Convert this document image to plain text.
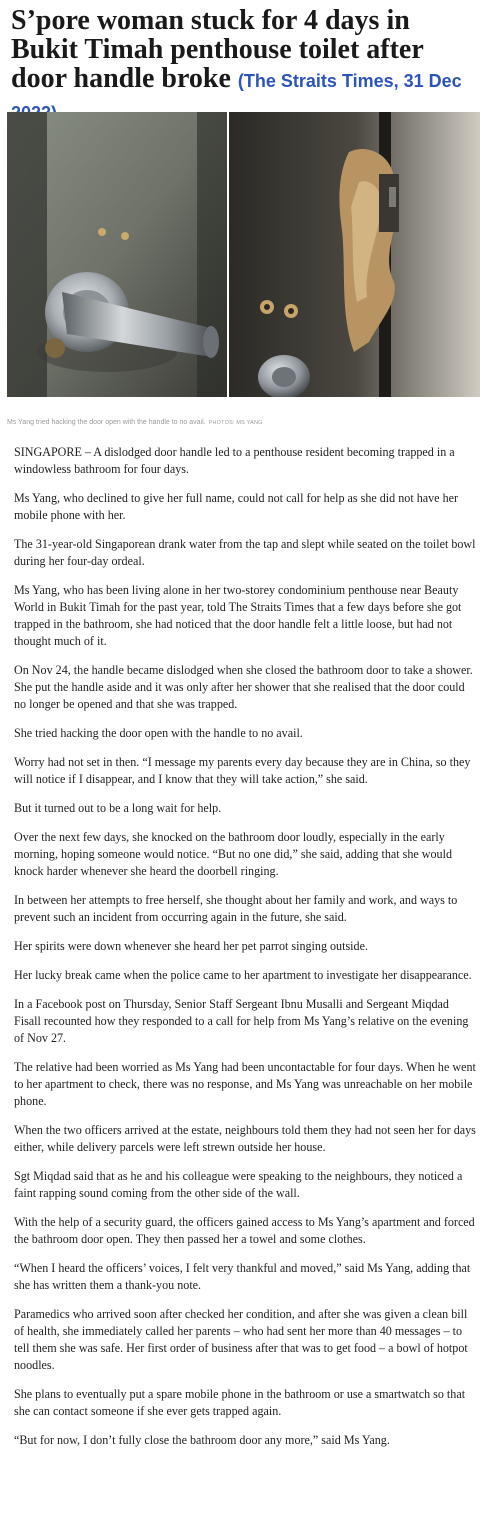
S’pore woman stuck for 4 days in Bukit Timah penthouse toilet after door handle broke (The Straits Times, 31 Dec
Ms Yang tried hacking the door open with the handle to no avail. PHOTOS: MS YANG

SINGAPORE – A dislodged door handle led to a penthouse resident becoming trapped in a windowless bathroom for four days.

Ms Yang, who declined to give her full name, could not call for help as she did not have her mobile phone with her.

The 31-year-old Singaporean drank water from the tap and slept while seated on the toilet bowl during her four-day ordeal.

Ms Yang, who has been living alone in her two-storey condominium penthouse near Beauty World in Bukit Timah for the past year, told The Straits Times that a few days before she got trapped in the bathroom, she had noticed that the door handle felt a little loose, but had not thought much of it.

On Nov 24, the handle became dislodged when she closed the bathroom door to take a shower. She put the handle aside and it was only after her shower that she realised that the door could no longer be opened and that she was trapped.

She tried hacking the door open with the handle to no avail.

Worry had not set in then. “I message my parents every day because they are in China, so they will notice if I disappear, and I know that they will take action,” she said.

But it turned out to be a long wait for help.

Over the next few days, she knocked on the bathroom door loudly, especially in the early morning, hoping someone would notice. “But no one did,” she said, adding that she would knock harder whenever she heard the doorbell ringing.

In between her attempts to free herself, she thought about her family and work, and ways to prevent such an incident from occurring again in the future, she said.

Her spirits were down whenever she heard her pet parrot singing outside.

Her lucky break came when the police came to her apartment to investigate her disappearance.

In a Facebook post on Thursday, Senior Staff Sergeant Ibnu Musalli and Sergeant Miqdad Fisall recounted how they responded to a call for help from Ms Yang’s relative on the evening of Nov 27.

The relative had been worried as Ms Yang had been uncontactable for four days. When he went to her apartment to check, there was no response, and Ms Yang was unreachable on her mobile phone.

When the two officers arrived at the estate, neighbours told them they had not seen her for days either, while delivery parcels were left strewn outside her house.

Sgt Miqdad said that as he and his colleague were speaking to the neighbours, they noticed a faint rapping sound coming from the other side of the wall.

With the help of a security guard, the officers gained access to Ms Yang’s apartment and forced the bathroom door open. They then passed her a towel and some clothes.

“When I heard the officers’ voices, I felt very thankful and moved,” said Ms Yang, adding that she has written them a thank-you note.

Paramedics who arrived soon after checked her condition, and after she was given a clean bill of health, she immediately called her parents – who had sent her more than 40 messages – to tell them she was safe. Her first order of business after that was to get food – a bowl of hotpot noodles.

She plans to eventually put a spare mobile phone in the bathroom or use a smartwatch so that she can contact someone if she ever gets trapped again.

“But for now, I don’t fully close the bathroom door any more,” said Ms Yang.
